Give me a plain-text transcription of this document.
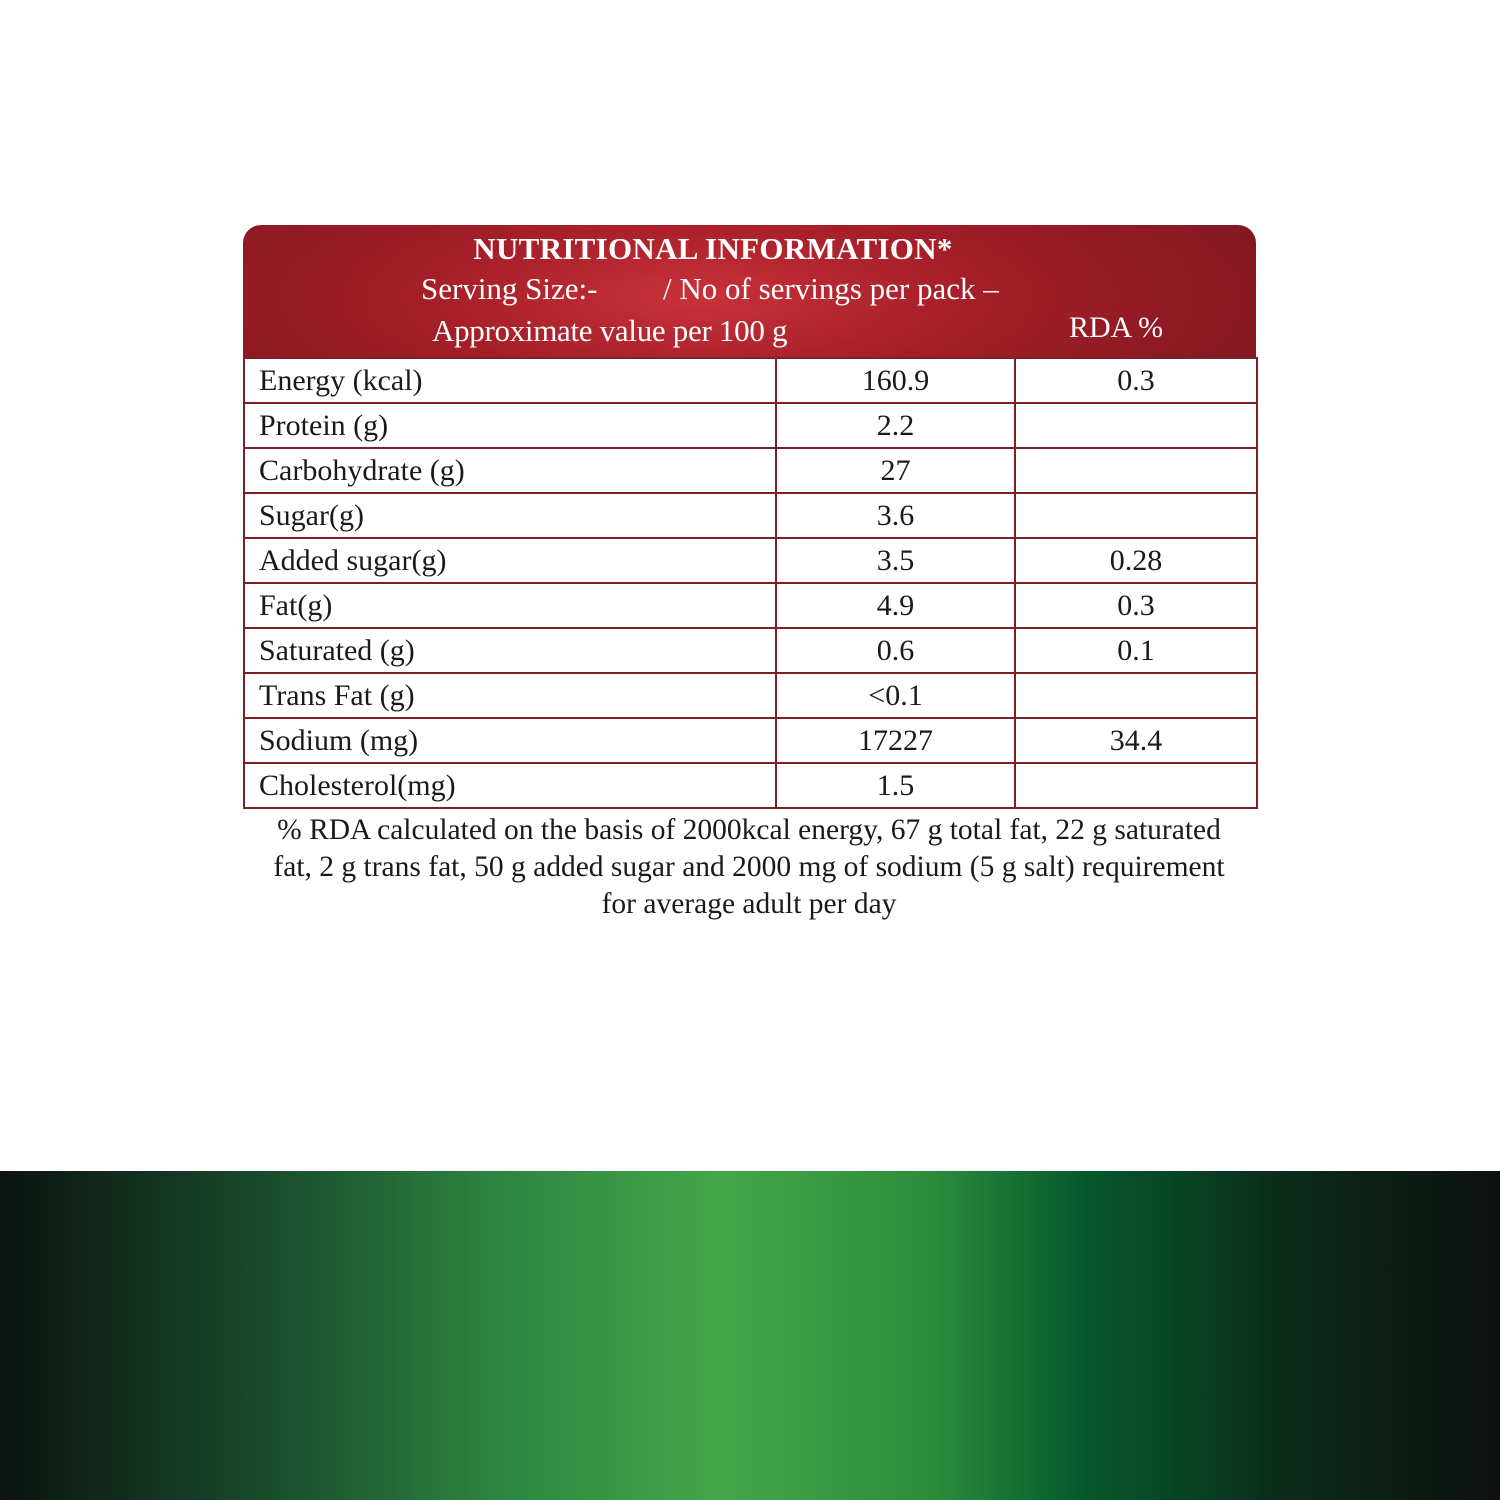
NUTRITIONAL INFORMATION*
Serving Size:- / No of servings per pack –
Approximate value per 100 g	RDA %
Energy (kcal)	160.9	0.3
Protein (g)	2.2	
Carbohydrate (g)	27	
Sugar(g)	3.6	
Added sugar(g)	3.5	0.28
Fat(g)	4.9	0.3
Saturated (g)	0.6	0.1
Trans Fat (g)	<0.1	
Sodium (mg)	17227	34.4
Cholesterol(mg)	1.5	
% RDA calculated on the basis of 2000kcal energy, 67 g total fat, 22 g saturated fat, 2 g trans fat, 50 g added sugar and 2000 mg of sodium (5 g salt) requirement for average adult per day
